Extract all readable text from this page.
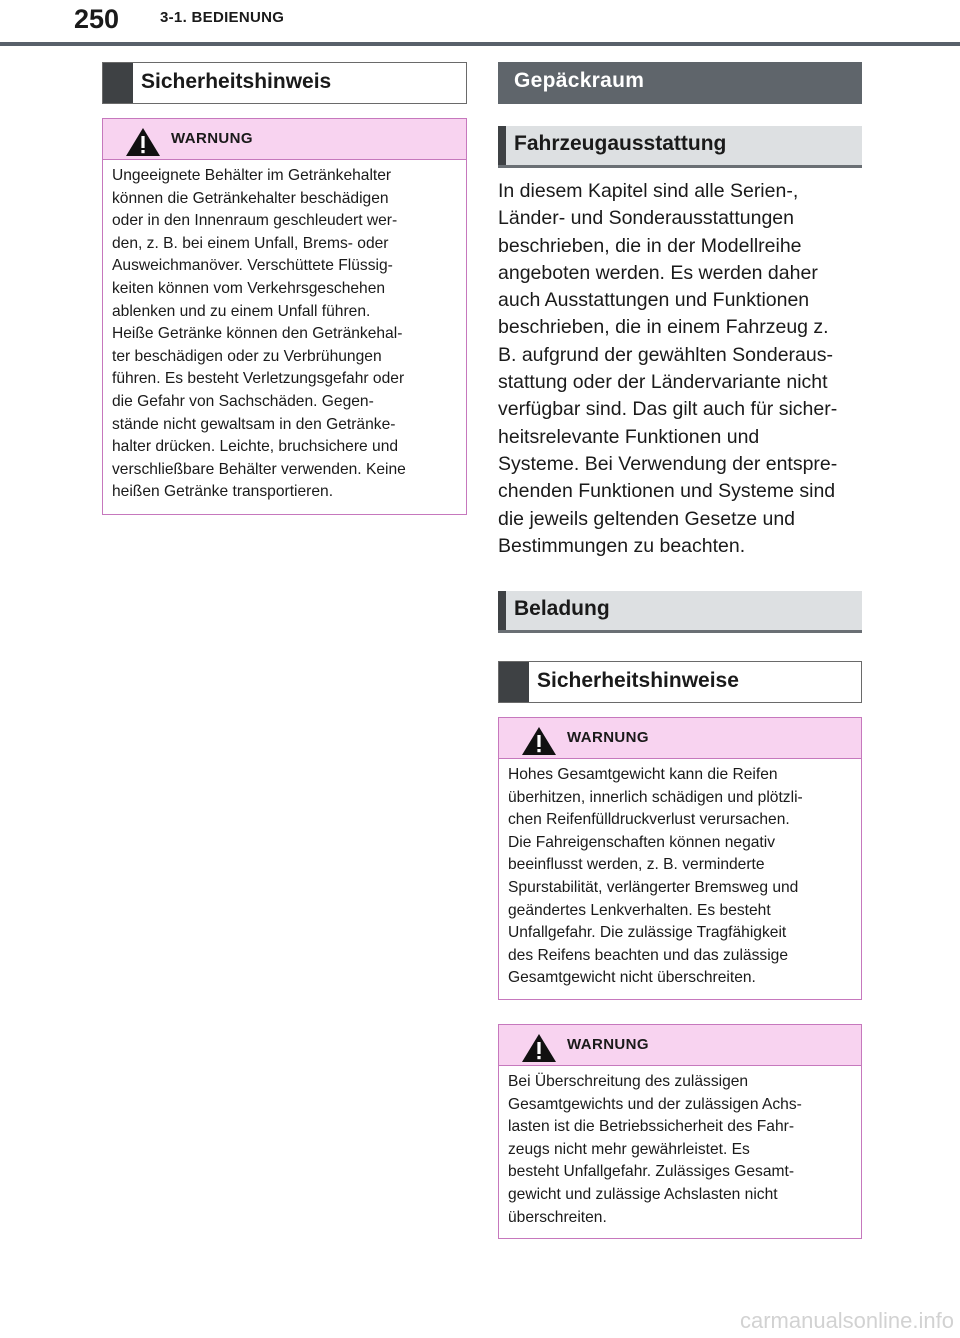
250	3-1. BEDIENUNG
Sicherheitshinweis
WARNUNG
Ungeeignete Behälter im Getränkehalter
können die Getränkehalter beschädigen
oder in den Innenraum geschleudert wer-
den, z. B. bei einem Unfall, Brems- oder
Ausweichmanöver. Verschüttete Flüssig-
keiten können vom Verkehrsgeschehen
ablenken und zu einem Unfall führen.
Heiße Getränke können den Getränkehal-
ter beschädigen oder zu Verbrühungen
führen. Es besteht Verletzungsgefahr oder
die Gefahr von Sachschäden. Gegen-
stände nicht gewaltsam in den Getränke-
halter drücken. Leichte, bruchsichere und
verschließbare Behälter verwenden. Keine
heißen Getränke transportieren.
Gepäckraum
Fahrzeugausstattung
In diesem Kapitel sind alle Serien-,
Länder- und Sonderausstattungen
beschrieben, die in der Modellreihe
angeboten werden. Es werden daher
auch Ausstattungen und Funktionen
beschrieben, die in einem Fahrzeug z.
B. aufgrund der gewählten Sonderaus-
stattung oder der Ländervariante nicht
verfügbar sind. Das gilt auch für sicher-
heitsrelevante Funktionen und
Systeme. Bei Verwendung der entspre-
chenden Funktionen und Systeme sind
die jeweils geltenden Gesetze und
Bestimmungen zu beachten.
Beladung
Sicherheitshinweise
WARNUNG
Hohes Gesamtgewicht kann die Reifen
überhitzen, innerlich schädigen und plötzli-
chen Reifenfülldruckverlust verursachen.
Die Fahreigenschaften können negativ
beeinflusst werden, z. B. verminderte
Spurstabilität, verlängerter Bremsweg und
geändertes Lenkverhalten. Es besteht
Unfallgefahr. Die zulässige Tragfähigkeit
des Reifens beachten und das zulässige
Gesamtgewicht nicht überschreiten.
WARNUNG
Bei Überschreitung des zulässigen
Gesamtgewichts und der zulässigen Achs-
lasten ist die Betriebssicherheit des Fahr-
zeugs nicht mehr gewährleistet. Es
besteht Unfallgefahr. Zulässiges Gesamt-
gewicht und zulässige Achslasten nicht
überschreiten.
carmanualsonline.info
